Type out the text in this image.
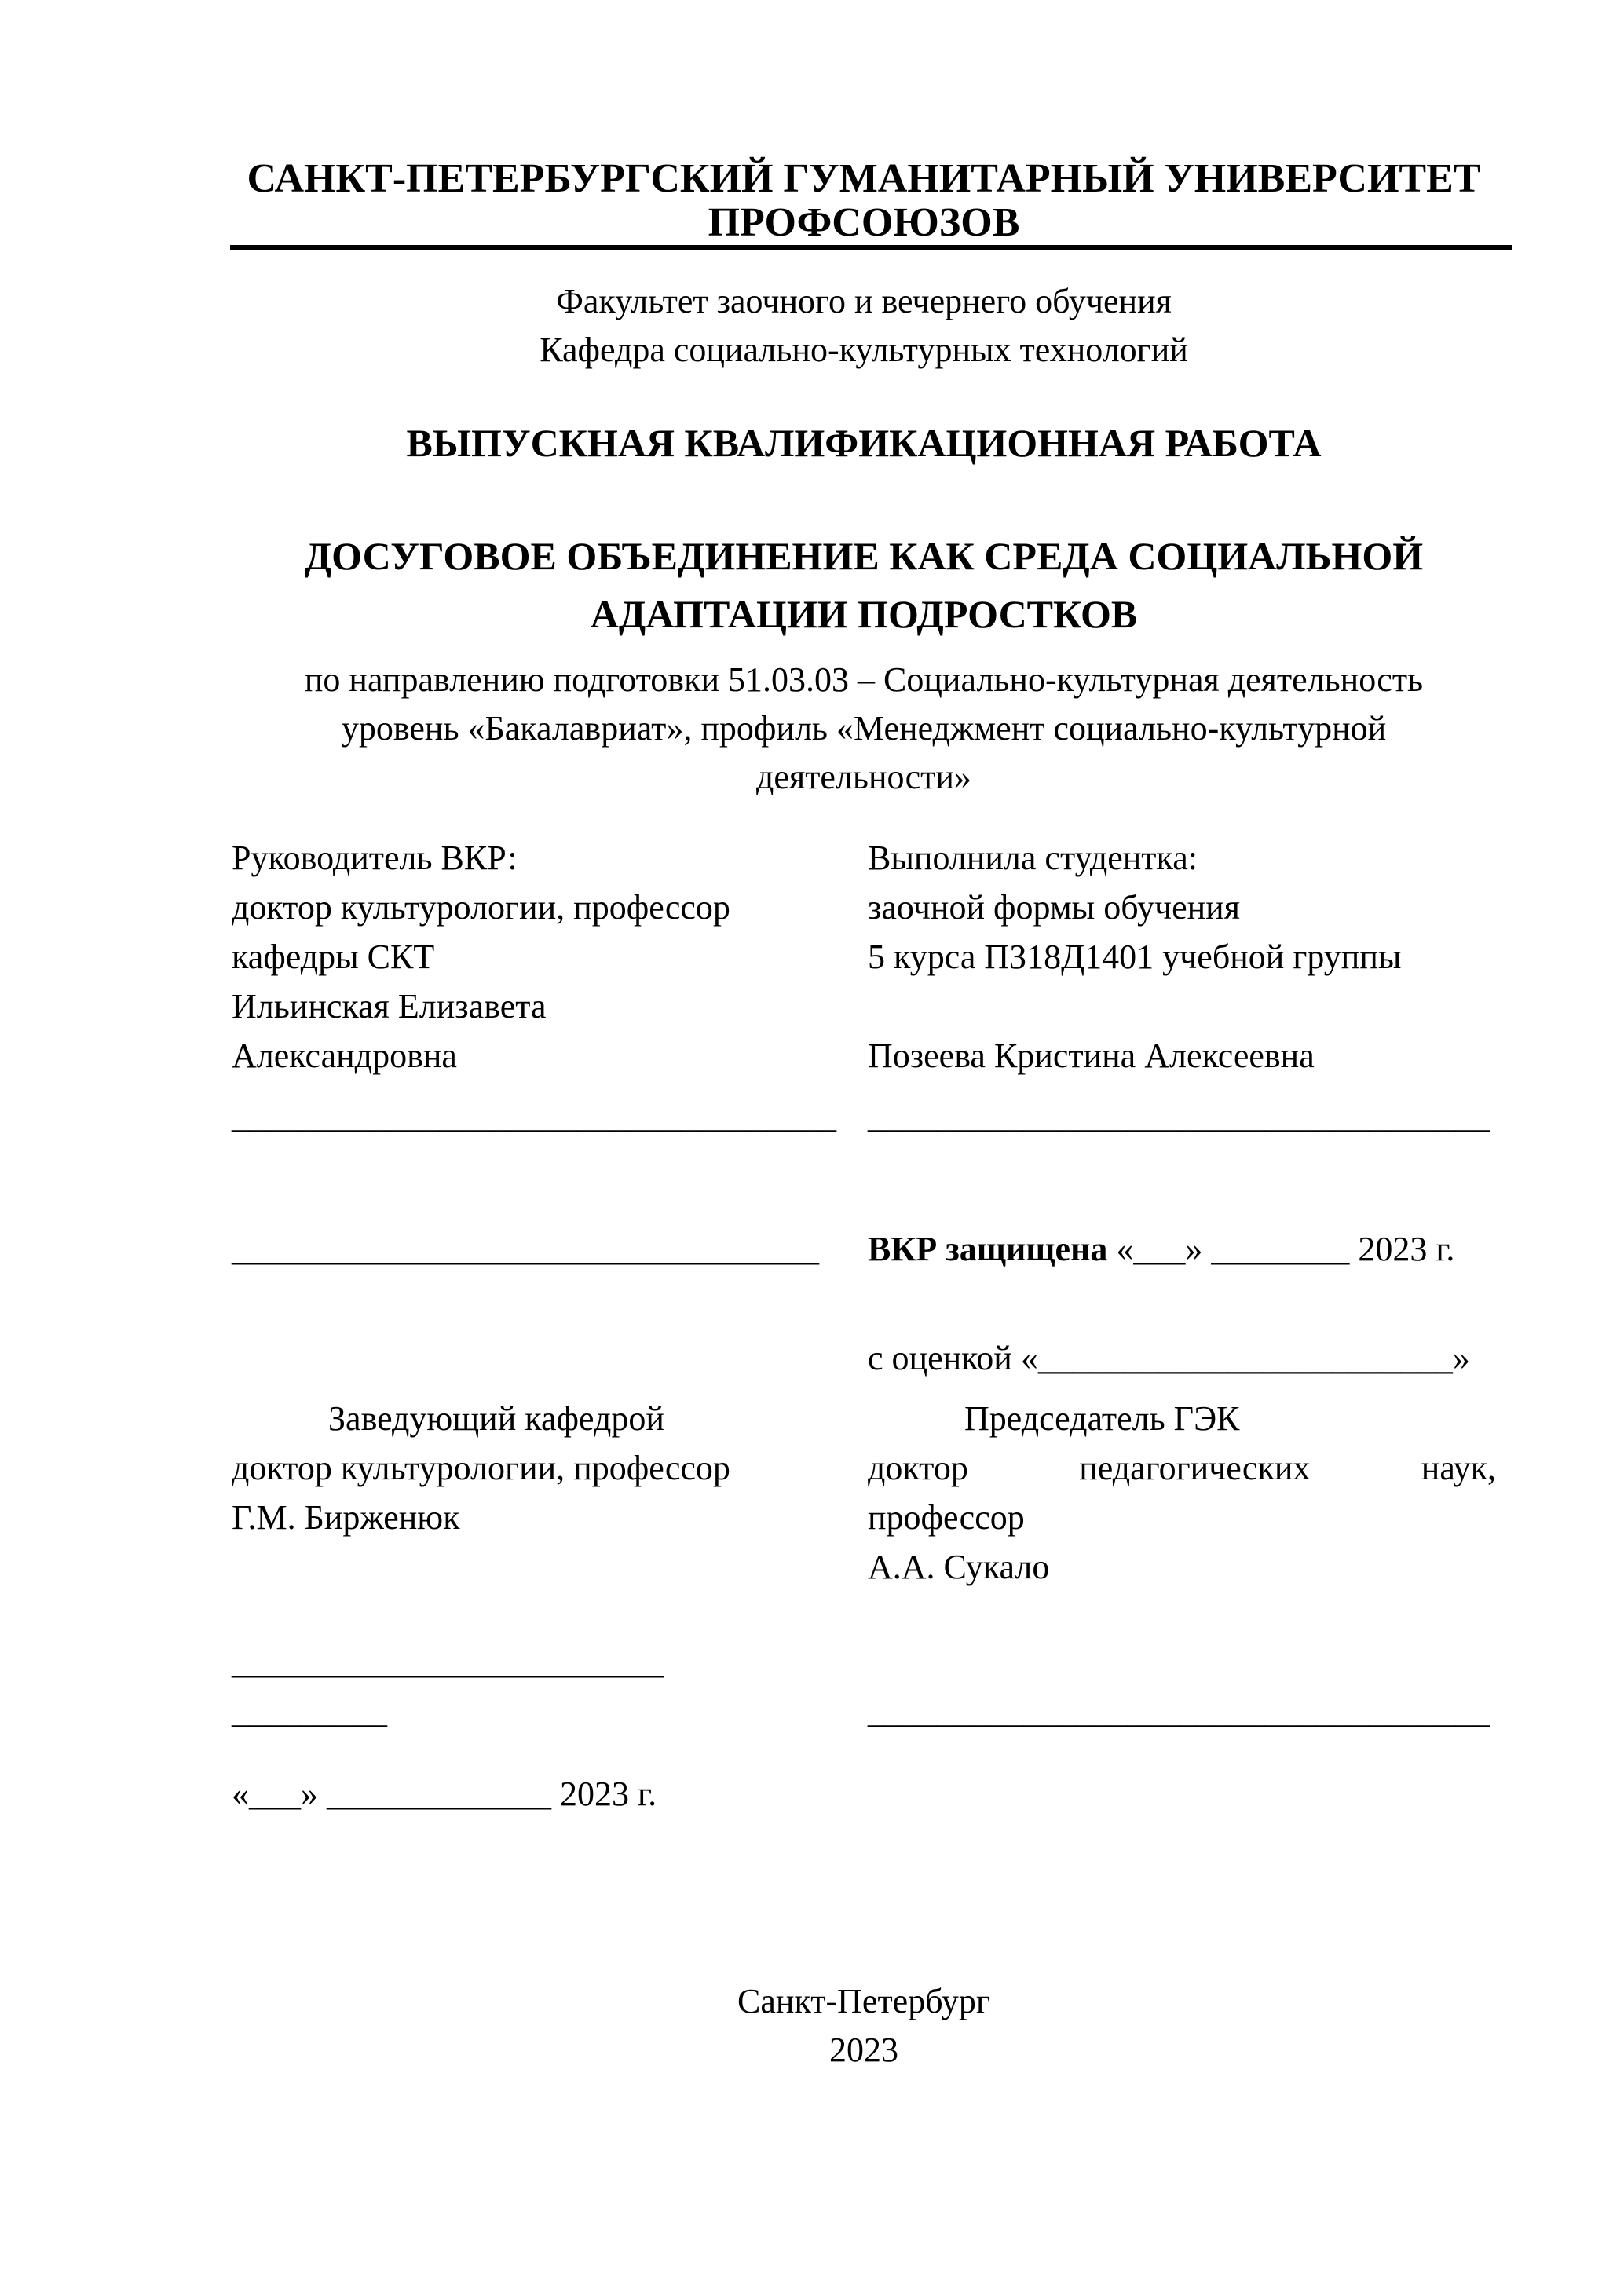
САНКТ-ПЕТЕРБУРГСКИЙ ГУМАНИТАРНЫЙ УНИВЕРСИТЕТ
ПРОФСОЮЗОВ
Факультет заочного и вечернего обучения
Кафедра социально-культурных технологий
ВЫПУСКНАЯ КВАЛИФИКАЦИОННАЯ РАБОТА
ДОСУГОВОЕ ОБЪЕДИНЕНИЕ КАК СРЕДА СОЦИАЛЬНОЙ
АДАПТАЦИИ ПОДРОСТКОВ
по направлению подготовки 51.03.03 – Социально-культурная деятельность
уровень «Бакалавриат», профиль «Менеджмент социально-культурной
деятельности»
Руководитель ВКР:
доктор культурологии, профессор
кафедры СКТ
Ильинская Елизавета
Александровна
Выполнила студентка:
заочной формы обучения
5 курса ПЗ18Д1401 учебной группы
Позеева Кристина Алексеевна
___________________________________ ____________________________________
__________________________________	ВКР защищена «___» ________ 2023 г.
с оценкой «________________________»
Заведующий кафедрой
доктор культурологии, профессор
Г.М. Бирженюк
Председатель ГЭК
доктор педагогических наук,
профессор
А.А. Сукало
_________________________
_________	____________________________________
«___» _____________ 2023 г.
Санкт-Петербург
2023
